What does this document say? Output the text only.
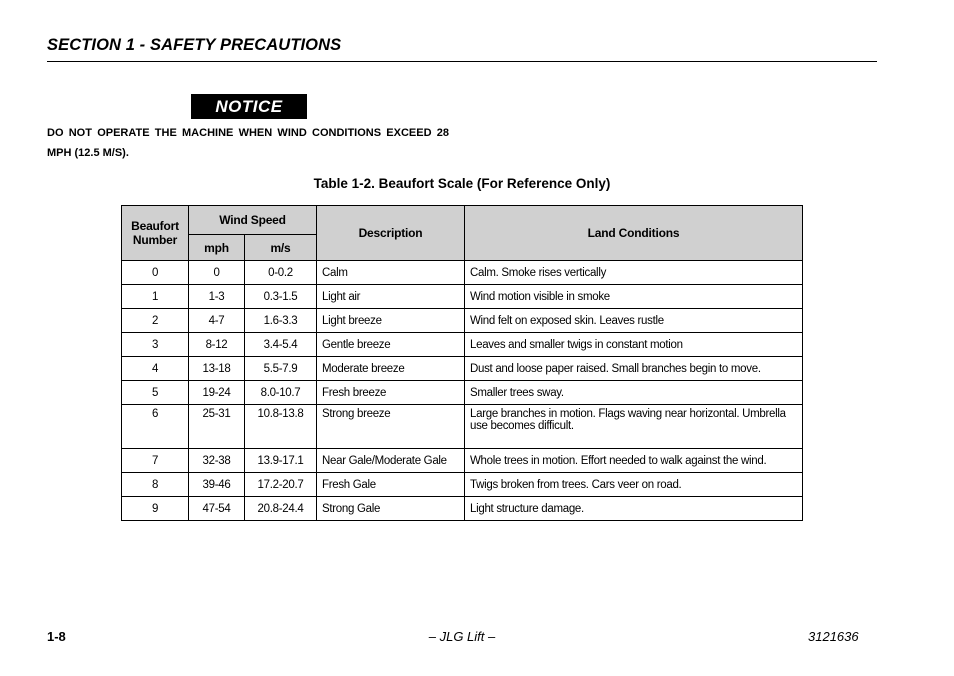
SECTION 1 - SAFETY PRECAUTIONS
NOTICE
DO NOT OPERATE THE MACHINE WHEN WIND CONDITIONS EXCEED 28 MPH (12.5 M/S).
Table 1-2. Beaufort Scale (For Reference Only)
Beaufort Number	Wind Speed		Description	Land Conditions
	mph	m/s		
0	0	0-0.2	Calm	Calm. Smoke rises vertically
1	1-3	0.3-1.5	Light air	Wind motion visible in smoke
2	4-7	1.6-3.3	Light breeze	Wind felt on exposed skin. Leaves rustle
3	8-12	3.4-5.4	Gentle breeze	Leaves and smaller twigs in constant motion
4	13-18	5.5-7.9	Moderate breeze	Dust and loose paper raised. Small branches begin to move.
5	19-24	8.0-10.7	Fresh breeze	Smaller trees sway.
6	25-31	10.8-13.8	Strong breeze	Large branches in motion. Flags waving near horizontal. Umbrella use becomes difficult.
7	32-38	13.9-17.1	Near Gale/Moderate Gale	Whole trees in motion. Effort needed to walk against the wind.
8	39-46	17.2-20.7	Fresh Gale	Twigs broken from trees. Cars veer on road.
9	47-54	20.8-24.4	Strong Gale	Light structure damage.
1-8	– JLG Lift –	3121636
